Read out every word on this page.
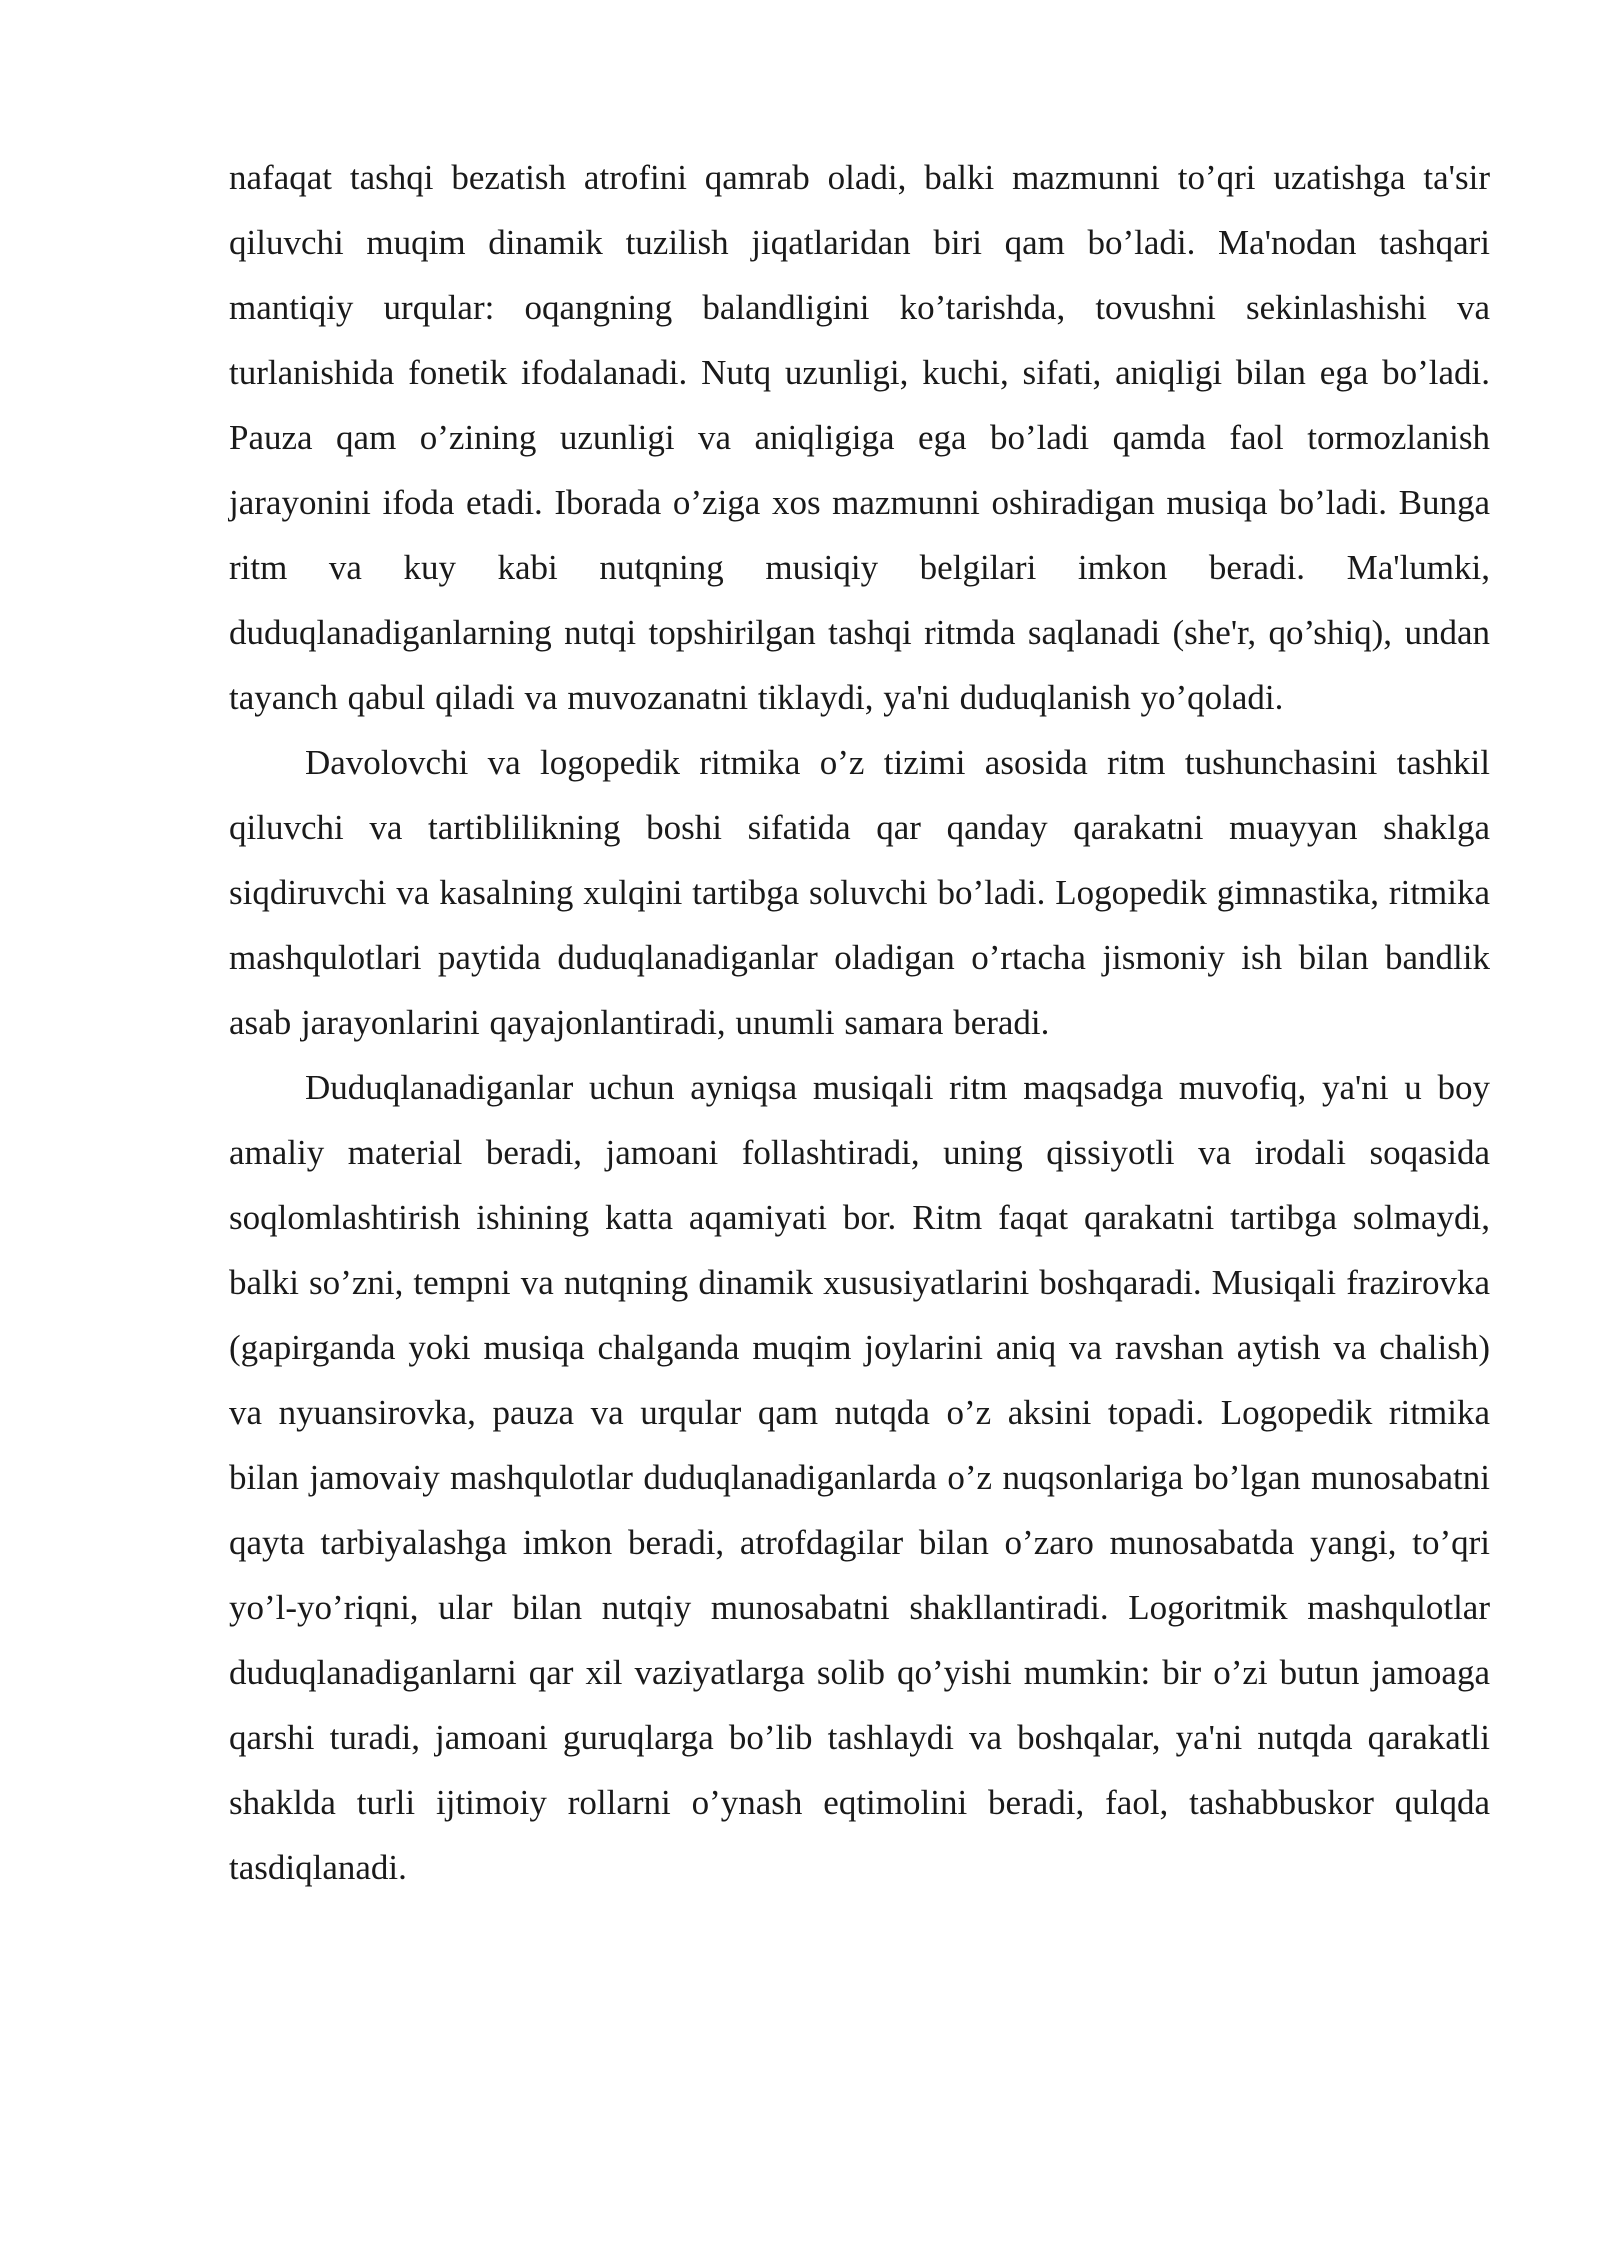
nafaqat tashqi bezatish atrofini qamrab oladi, balki mazmunni to’qri uzatishga ta'sir qiluvchi muqim dinamik tuzilish jiqatlaridan biri qam bo’ladi. Ma'nodan tashqari mantiqiy urqular: oqangning balandligini ko’tarishda, tovushni sekinlashishi va turlanishida fonetik ifodalanadi. Nutq uzunligi, kuchi, sifati, aniqligi bilan ega bo’ladi. Pauza qam o’zining uzunligi va aniqligiga ega bo’ladi qamda faol tormozlanish jarayonini ifoda etadi. Iborada o’ziga xos mazmunni oshiradigan musiqa bo’ladi. Bunga ritm va kuy kabi nutqning musiqiy belgilari imkon beradi. Ma'lumki, duduqlanadiganlarning nutqi topshirilgan tashqi ritmda saqlanadi (she'r, qo’shiq), undan tayanch qabul qiladi va muvozanatni tiklaydi, ya'ni duduqlanish yo’qoladi.

Davolovchi va logopedik ritmika o’z tizimi asosida ritm tushunchasini tashkil qiluvchi va tartiblilikning boshi sifatida qar qanday qarakatni muayyan shaklga siqdiruvchi va kasalning xulqini tartibga soluvchi bo’ladi. Logopedik gimnastika, ritmika mashqulotlari paytida duduqlanadiganlar oladigan o’rtacha jismoniy ish bilan bandlik asab jarayonlarini qayajonlantiradi, unumli samara beradi.

Duduqlanadiganlar uchun ayniqsa musiqali ritm maqsadga muvofiq, ya'ni u boy amaliy material beradi, jamoani follashtiradi, uning qissiyotli va irodali soqasida soqlomlashtirish ishining katta aqamiyati bor. Ritm faqat qarakatni tartibga solmaydi, balki so’zni, tempni va nutqning dinamik xususiyatlarini boshqaradi. Musiqali frazirovka (gapirganda yoki musiqa chalganda muqim joylarini aniq va ravshan aytish va chalish) va nyuansirovka, pauza va urqular qam nutqda o’z aksini topadi. Logopedik ritmika bilan jamovaiy mashqulotlar duduqlanadiganlarda o’z nuqsonlariga bo’lgan munosabatni qayta tarbiyalashga imkon beradi, atrofdagilar bilan o’zaro munosabatda yangi, to’qri yo’l-yo’riqni, ular bilan nutqiy munosabatni shakllantiradi. Logoritmik mashqulotlar duduqlanadiganlarni qar xil vaziyatlarga solib qo’yishi mumkin: bir o’zi butun jamoaga qarshi turadi, jamoani guruqlarga bo’lib tashlaydi va boshqalar, ya'ni nutqda qarakatli shaklda turli ijtimoiy rollarni o’ynash eqtimolini beradi, faol, tashabbuskor qulqda tasdiqlanadi.
